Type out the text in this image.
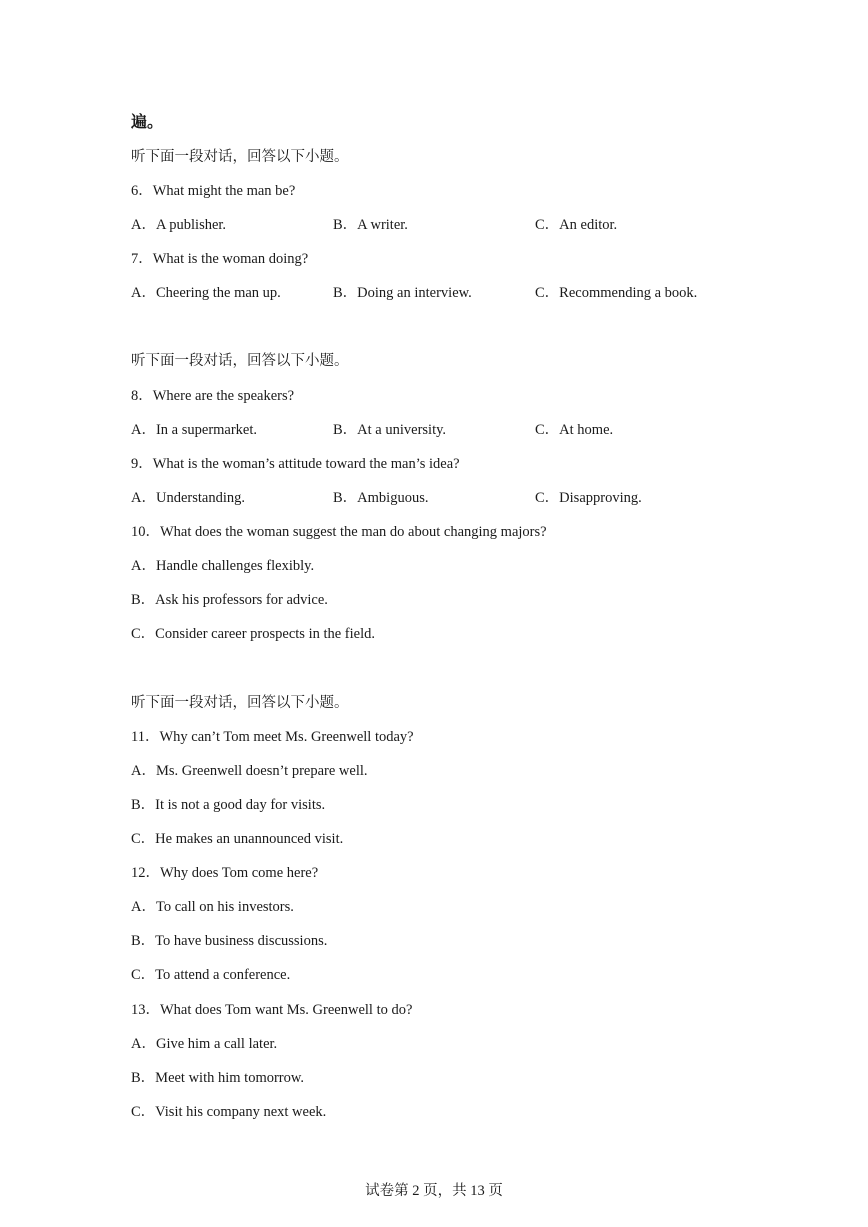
遍。
听下面一段对话，回答以下小题。
6．What might the man be?
A．A publisher.	B．A writer.	C．An editor.
7．What is the woman doing?
A．Cheering the man up.	B．Doing an interview.	C．Recommending a book.
听下面一段对话，回答以下小题。
8．Where are the speakers?
A．In a supermarket.	B．At a university.	C．At home.
9．What is the woman’s attitude toward the man’s idea?
A．Understanding.	B．Ambiguous.	C．Disapproving.
10．What does the woman suggest the man do about changing majors?
A．Handle challenges flexibly.
B．Ask his professors for advice.
C．Consider career prospects in the field.
听下面一段对话，回答以下小题。
11．Why can’t Tom meet Ms. Greenwell today?
A．Ms. Greenwell doesn’t prepare well.
B．It is not a good day for visits.
C．He makes an unannounced visit.
12．Why does Tom come here?
A．To call on his investors.
B．To have business discussions.
C．To attend a conference.
13．What does Tom want Ms. Greenwell to do?
A．Give him a call later.
B．Meet with him tomorrow.
C．Visit his company next week.
试卷第 2 页，共 13 页
